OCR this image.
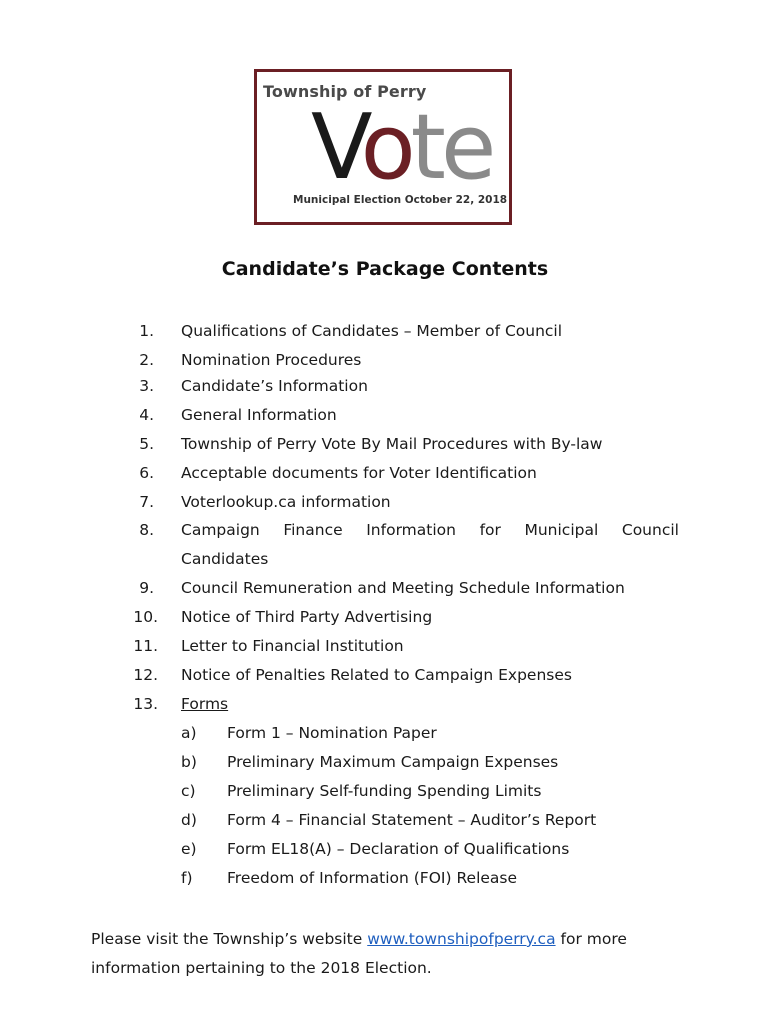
Township of Perry
Vote
Municipal Election October 22, 2018
Candidate’s Package Contents
1. Qualifications of Candidates – Member of Council
2. Nomination Procedures
3. Candidate’s Information
4. General Information
5. Township of Perry Vote By Mail Procedures with By-law
6. Acceptable documents for Voter Identification
7. Voterlookup.ca information
8. Campaign Finance Information for Municipal Council
Candidates
9. Council Remuneration and Meeting Schedule Information
10. Notice of Third Party Advertising
11. Letter to Financial Institution
12. Notice of Penalties Related to Campaign Expenses
13. Forms
a) Form 1 – Nomination Paper
b) Preliminary Maximum Campaign Expenses
c) Preliminary Self-funding Spending Limits
d) Form 4 – Financial Statement – Auditor’s Report
e) Form EL18(A) – Declaration of Qualifications
f) Freedom of Information (FOI) Release
Please visit the Township’s website www.townshipofperry.ca for more information pertaining to the 2018 Election.
